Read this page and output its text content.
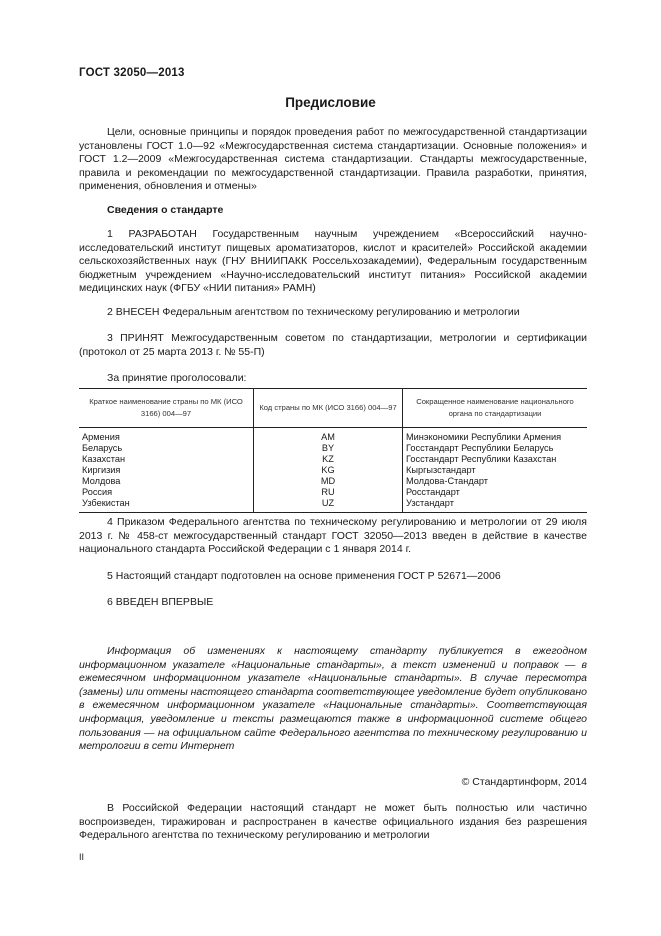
ГОСТ 32050—2013
Предисловие

Цели, основные принципы и порядок проведения работ по межгосударственной стандартизации установлены ГОСТ 1.0—92 «Межгосударственная система стандартизации. Основные положения» и ГОСТ 1.2—2009 «Межгосударственная система стандартизации. Стандарты межгосударственные, правила и рекомендации по межгосударственной стандартизации. Правила разработки, принятия, применения, обновления и отмены»

Сведения о стандарте

1 РАЗРАБОТАН Государственным научным учреждением «Всероссийский научно-исследовательский институт пищевых ароматизаторов, кислот и красителей» Российской академии сельскохозяйственных наук (ГНУ ВНИИПАКК Россельхозакадемии), Федеральным государственным бюджетным учреждением «Научно-исследовательский институт питания» Российской академии медицинских наук (ФГБУ «НИИ питания» РАМН)

2 ВНЕСЕН Федеральным агентством по техническому регулированию и метрологии

3 ПРИНЯТ Межгосударственным советом по стандартизации, метрологии и сертификации (протокол от 25 марта 2013 г. № 55-П)

За принятие проголосовали:
Краткое наименование страны по МК (ИСО 3166) 004—97	Код страны по МК (ИСО 3166) 004—97	Сокращенное наименование национального органа по стандартизации
Армения	AM	Минэкономики Республики Армения
Беларусь	BY	Госстандарт Республики Беларусь
Казахстан	KZ	Госстандарт Республики Казахстан
Киргизия	KG	Кыргызстандарт
Молдова	MD	Молдова-Стандарт
Россия	RU	Росстандарт
Узбекистан	UZ	Узстандарт

4 Приказом Федерального агентства по техническому регулированию и метрологии от 29 июля 2013 г. № 458-ст межгосударственный стандарт ГОСТ 32050—2013 введен в действие в качестве национального стандарта Российской Федерации с 1 января 2014 г.

5 Настоящий стандарт подготовлен на основе применения ГОСТ Р 52671—2006

6 ВВЕДЕН ВПЕРВЫЕ

Информация об изменениях к настоящему стандарту публикуется в ежегодном информационном указателе «Национальные стандарты», а текст изменений и поправок — в ежемесячном информационном указателе «Национальные стандарты». В случае пересмотра (замены) или отмены настоящего стандарта соответствующее уведомление будет опубликовано в ежемесячном информационном указателе «Национальные стандарты». Соответствующая информация, уведомление и тексты размещаются также в информационной системе общего пользования — на официальном сайте Федерального агентства по техническому регулированию и метрологии в сети Интернет

© Стандартинформ, 2014

В Российской Федерации настоящий стандарт не может быть полностью или частично воспроизведен, тиражирован и распространен в качестве официального издания без разрешения Федерального агентства по техническому регулированию и метрологии

II
